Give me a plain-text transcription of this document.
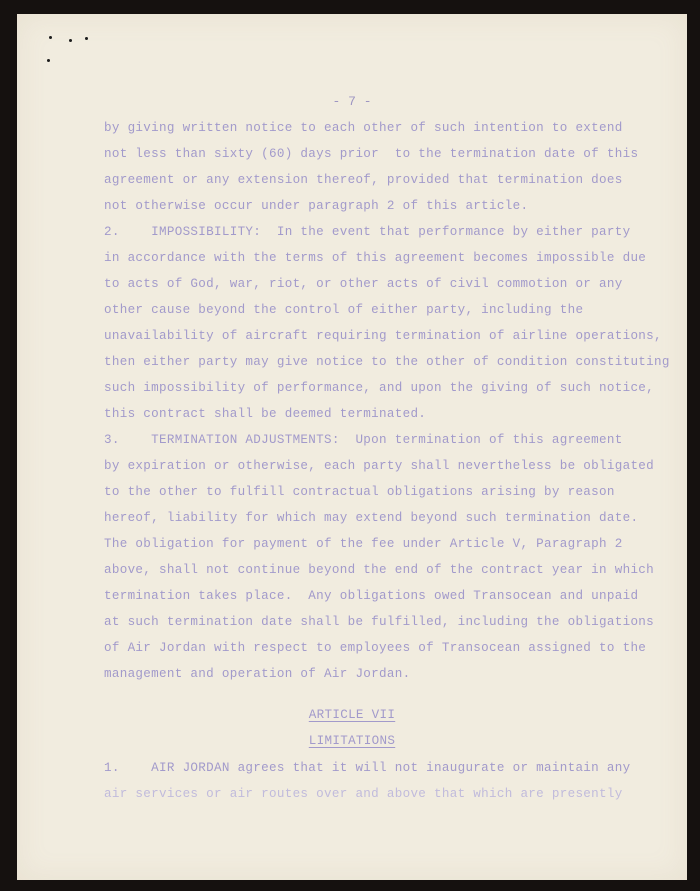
- 7 -
by giving written notice to each other of such intention to extend
not less than sixty (60) days prior  to the termination date of this
agreement or any extension thereof, provided that termination does
not otherwise occur under paragraph 2 of this article.
2.    IMPOSSIBILITY:  In the event that performance by either party
in accordance with the terms of this agreement becomes impossible due
to acts of God, war, riot, or other acts of civil commotion or any
other cause beyond the control of either party, including the
unavailability of aircraft requiring termination of airline operations,
then either party may give notice to the other of condition constituting
such impossibility of performance, and upon the giving of such notice,
this contract shall be deemed terminated.
3.    TERMINATION ADJUSTMENTS:  Upon termination of this agreement
by expiration or otherwise, each party shall nevertheless be obligated
to the other to fulfill contractual obligations arising by reason
hereof, liability for which may extend beyond such termination date.
The obligation for payment of the fee under Article V, Paragraph 2
above, shall not continue beyond the end of the contract year in which
termination takes place.  Any obligations owed Transocean and unpaid
at such termination date shall be fulfilled, including the obligations
of Air Jordan with respect to employees of Transocean assigned to the
management and operation of Air Jordan.
ARTICLE VII
LIMITATIONS
1.    AIR JORDAN agrees that it will not inaugurate or maintain any
air services or air routes over and above that which are presently
